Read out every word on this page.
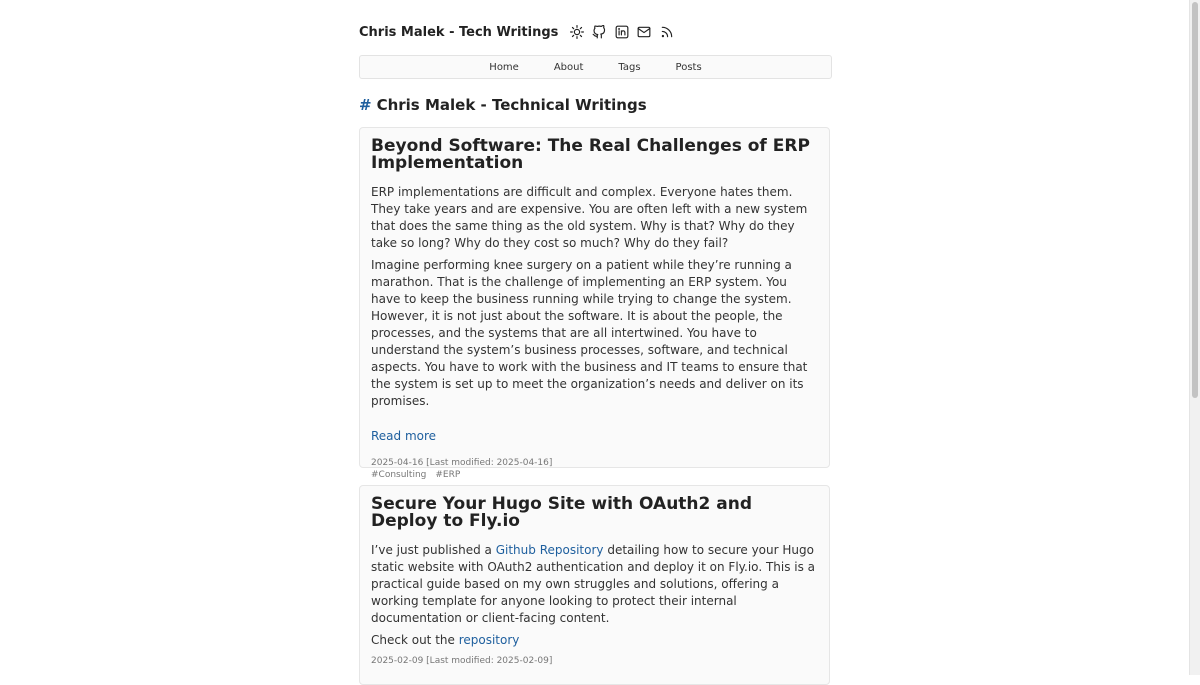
Chris Malek - Tech Writings
Home	About	Tags	Posts
# Chris Malek - Technical Writings
Beyond Software: The Real Challenges of ERP Implementation

ERP implementations are difficult and complex. Everyone hates them. They take years and are expensive. You are often left with a new system that does the same thing as the old system. Why is that? Why do they take so long? Why do they cost so much? Why do they fail?

Imagine performing knee surgery on a patient while they’re running a marathon. That is the challenge of implementing an ERP system. You have to keep the business running while trying to change the system. However, it is not just about the software. It is about the people, the processes, and the systems that are all intertwined. You have to understand the system’s business processes, software, and technical aspects. You have to work with the business and IT teams to ensure that the system is set up to meet the organization’s needs and deliver on its promises.

Read more
2025-04-16 [Last modified: 2025-04-16]
#Consulting #ERP
Secure Your Hugo Site with OAuth2 and Deploy to Fly.io

I’ve just published a Github Repository detailing how to secure your Hugo static website with OAuth2 authentication and deploy it on Fly.io. This is a practical guide based on my own struggles and solutions, offering a working template for anyone looking to protect their internal documentation or client-facing content.

Check out the repository

2025-02-09 [Last modified: 2025-02-09]
